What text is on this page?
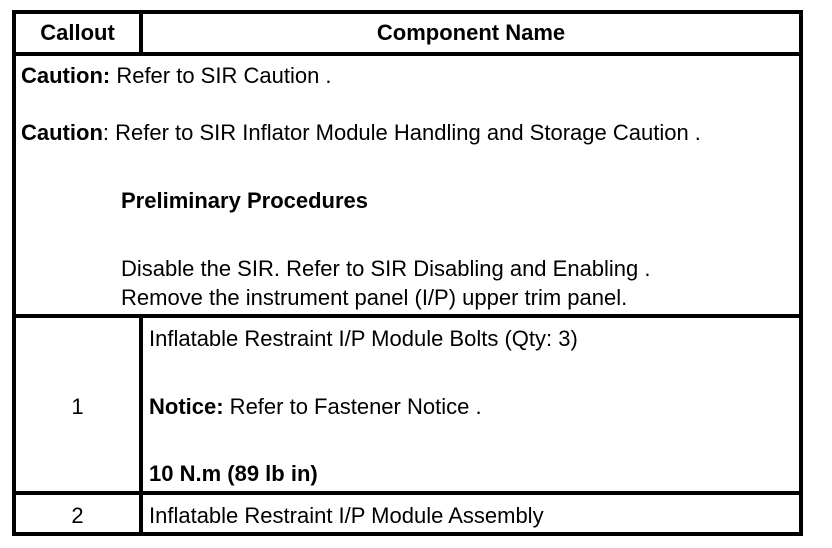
Callout	Component Name
Caution: Refer to SIR Caution .
Caution: Refer to SIR Inflator Module Handling and Storage Caution .
Preliminary Procedures
Disable the SIR. Refer to SIR Disabling and Enabling .
Remove the instrument panel (I/P) upper trim panel.
1
Inflatable Restraint I/P Module Bolts (Qty: 3)
Notice: Refer to Fastener Notice .
10 N.m (89 lb in)
2	Inflatable Restraint I/P Module Assembly
